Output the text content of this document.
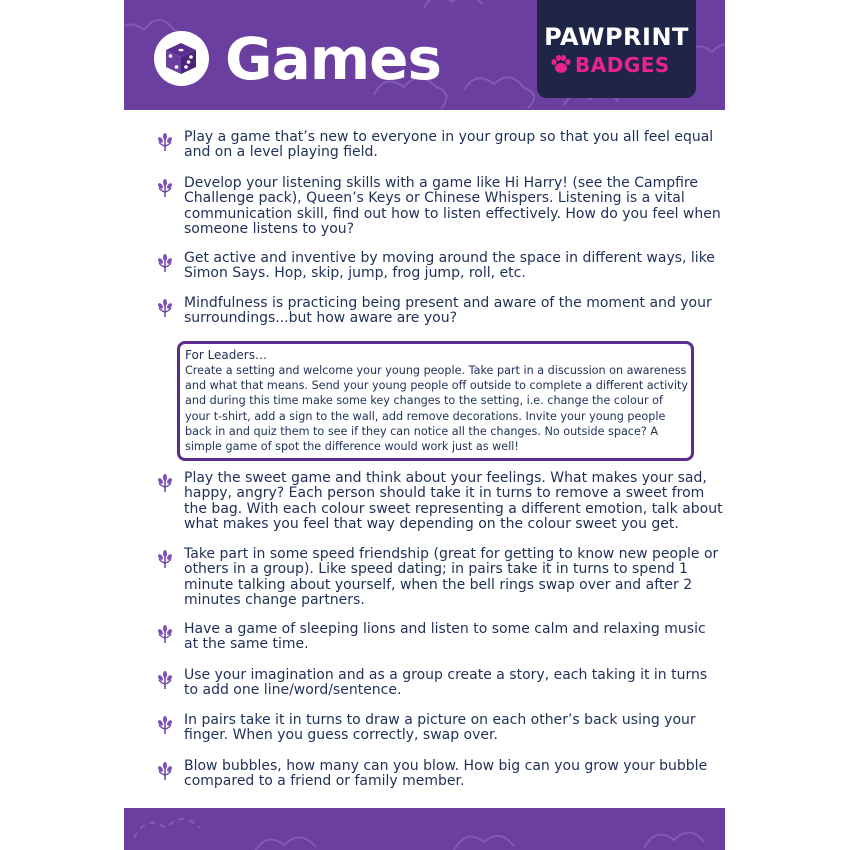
Games	PAWPRINT
BADGES
Play a game that’s new to everyone in your group so that you all feel equal and on a level playing field.
Develop your listening skills with a game like Hi Harry! (see the Campfire Challenge pack), Queen’s Keys or Chinese Whispers. Listening is a vital communication skill, find out how to listen effectively. How do you feel when someone listens to you?
Get active and inventive by moving around the space in different ways, like Simon Says. Hop, skip, jump, frog jump, roll, etc.
Mindfulness is practicing being present and aware of the moment and your surroundings...but how aware are you?
For Leaders…
Create a setting and welcome your young people. Take part in a discussion on awareness and what that means. Send your young people off outside to complete a different activity and during this time make some key changes to the setting, i.e. change the colour of your t-shirt, add a sign to the wall, add remove decorations. Invite your young people back in and quiz them to see if they can notice all the changes. No outside space? A simple game of spot the difference would work just as well!
Play the sweet game and think about your feelings. What makes your sad, happy, angry? Each person should take it in turns to remove a sweet from the bag. With each colour sweet representing a different emotion, talk about what makes you feel that way depending on the colour sweet you get.
Take part in some speed friendship (great for getting to know new people or others in a group). Like speed dating; in pairs take it in turns to spend 1 minute talking about yourself, when the bell rings swap over and after 2 minutes change partners.
Have a game of sleeping lions and listen to some calm and relaxing music at the same time.
Use your imagination and as a group create a story, each taking it in turns to add one line/word/sentence.
In pairs take it in turns to draw a picture on each other’s back using your finger. When you guess correctly, swap over.
Blow bubbles, how many can you blow. How big can you grow your bubble compared to a friend or family member.
